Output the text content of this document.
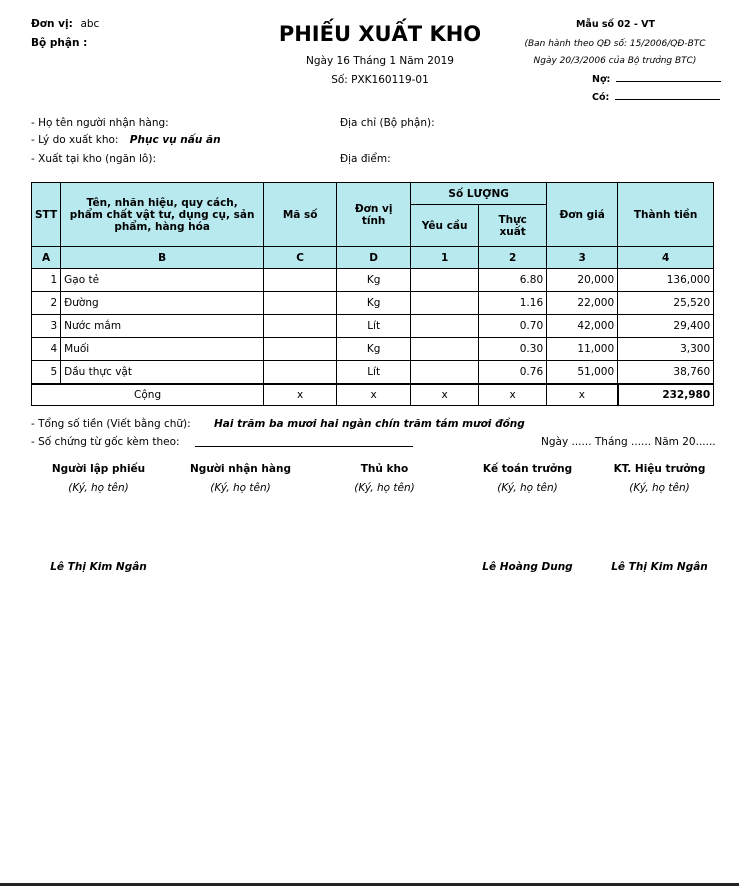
Đơn vị: abc
Bộ phận :	PHIẾU XUẤT KHO
Ngày 16 Tháng 1 Năm 2019
Số: PXK160119-01
Mẫu số 02 - VT
(Ban hành theo QĐ số: 15/2006/QĐ-BTC
Ngày 20/3/2006 của Bộ trưởng BTC)
Nợ:
Có:
- Họ tên người nhận hàng:	Địa chỉ (Bộ phận):
- Lý do xuất kho: Phục vụ nấu ăn
- Xuất tại kho (ngăn lô):	Địa điểm:
STT	Tên, nhãn hiệu, quy cách, phẩm chất vật tư, dụng cụ, sản phẩm, hàng hóa	Mã số	Đơn vị tính	Số LƯỢNG		Đơn giá	Thành tiền
				Yêu cầu	Thực xuất		
A	B	C	D	1	2	3	4
1	Gạo tẻ		Kg		6.80	20,000	136,000
2	Đường		Kg		1.16	22,000	25,520
3	Nước mắm		Lít		0.70	42,000	29,400
4	Muối		Kg		0.30	11,000	3,300
5	Dầu thực vật		Lít		0.76	51,000	38,760
Cộng		x	x	x	x	x	232,980
- Tổng số tiền (Viết bằng chữ): Hai trăm ba mươi hai ngàn chín trăm tám mươi đồng
- Số chứng từ gốc kèm theo:	Ngày ...... Tháng ...... Năm 20......
Người lập phiếu
(Ký, họ tên)
Lê Thị Kim Ngân
Người nhận hàng
(Ký, họ tên)
Thủ kho
(Ký, họ tên)
Kế toán trưởng
(Ký, họ tên)
Lê Hoàng Dung
KT. Hiệu trưởng
(Ký, họ tên)
Lê Thị Kim Ngân
